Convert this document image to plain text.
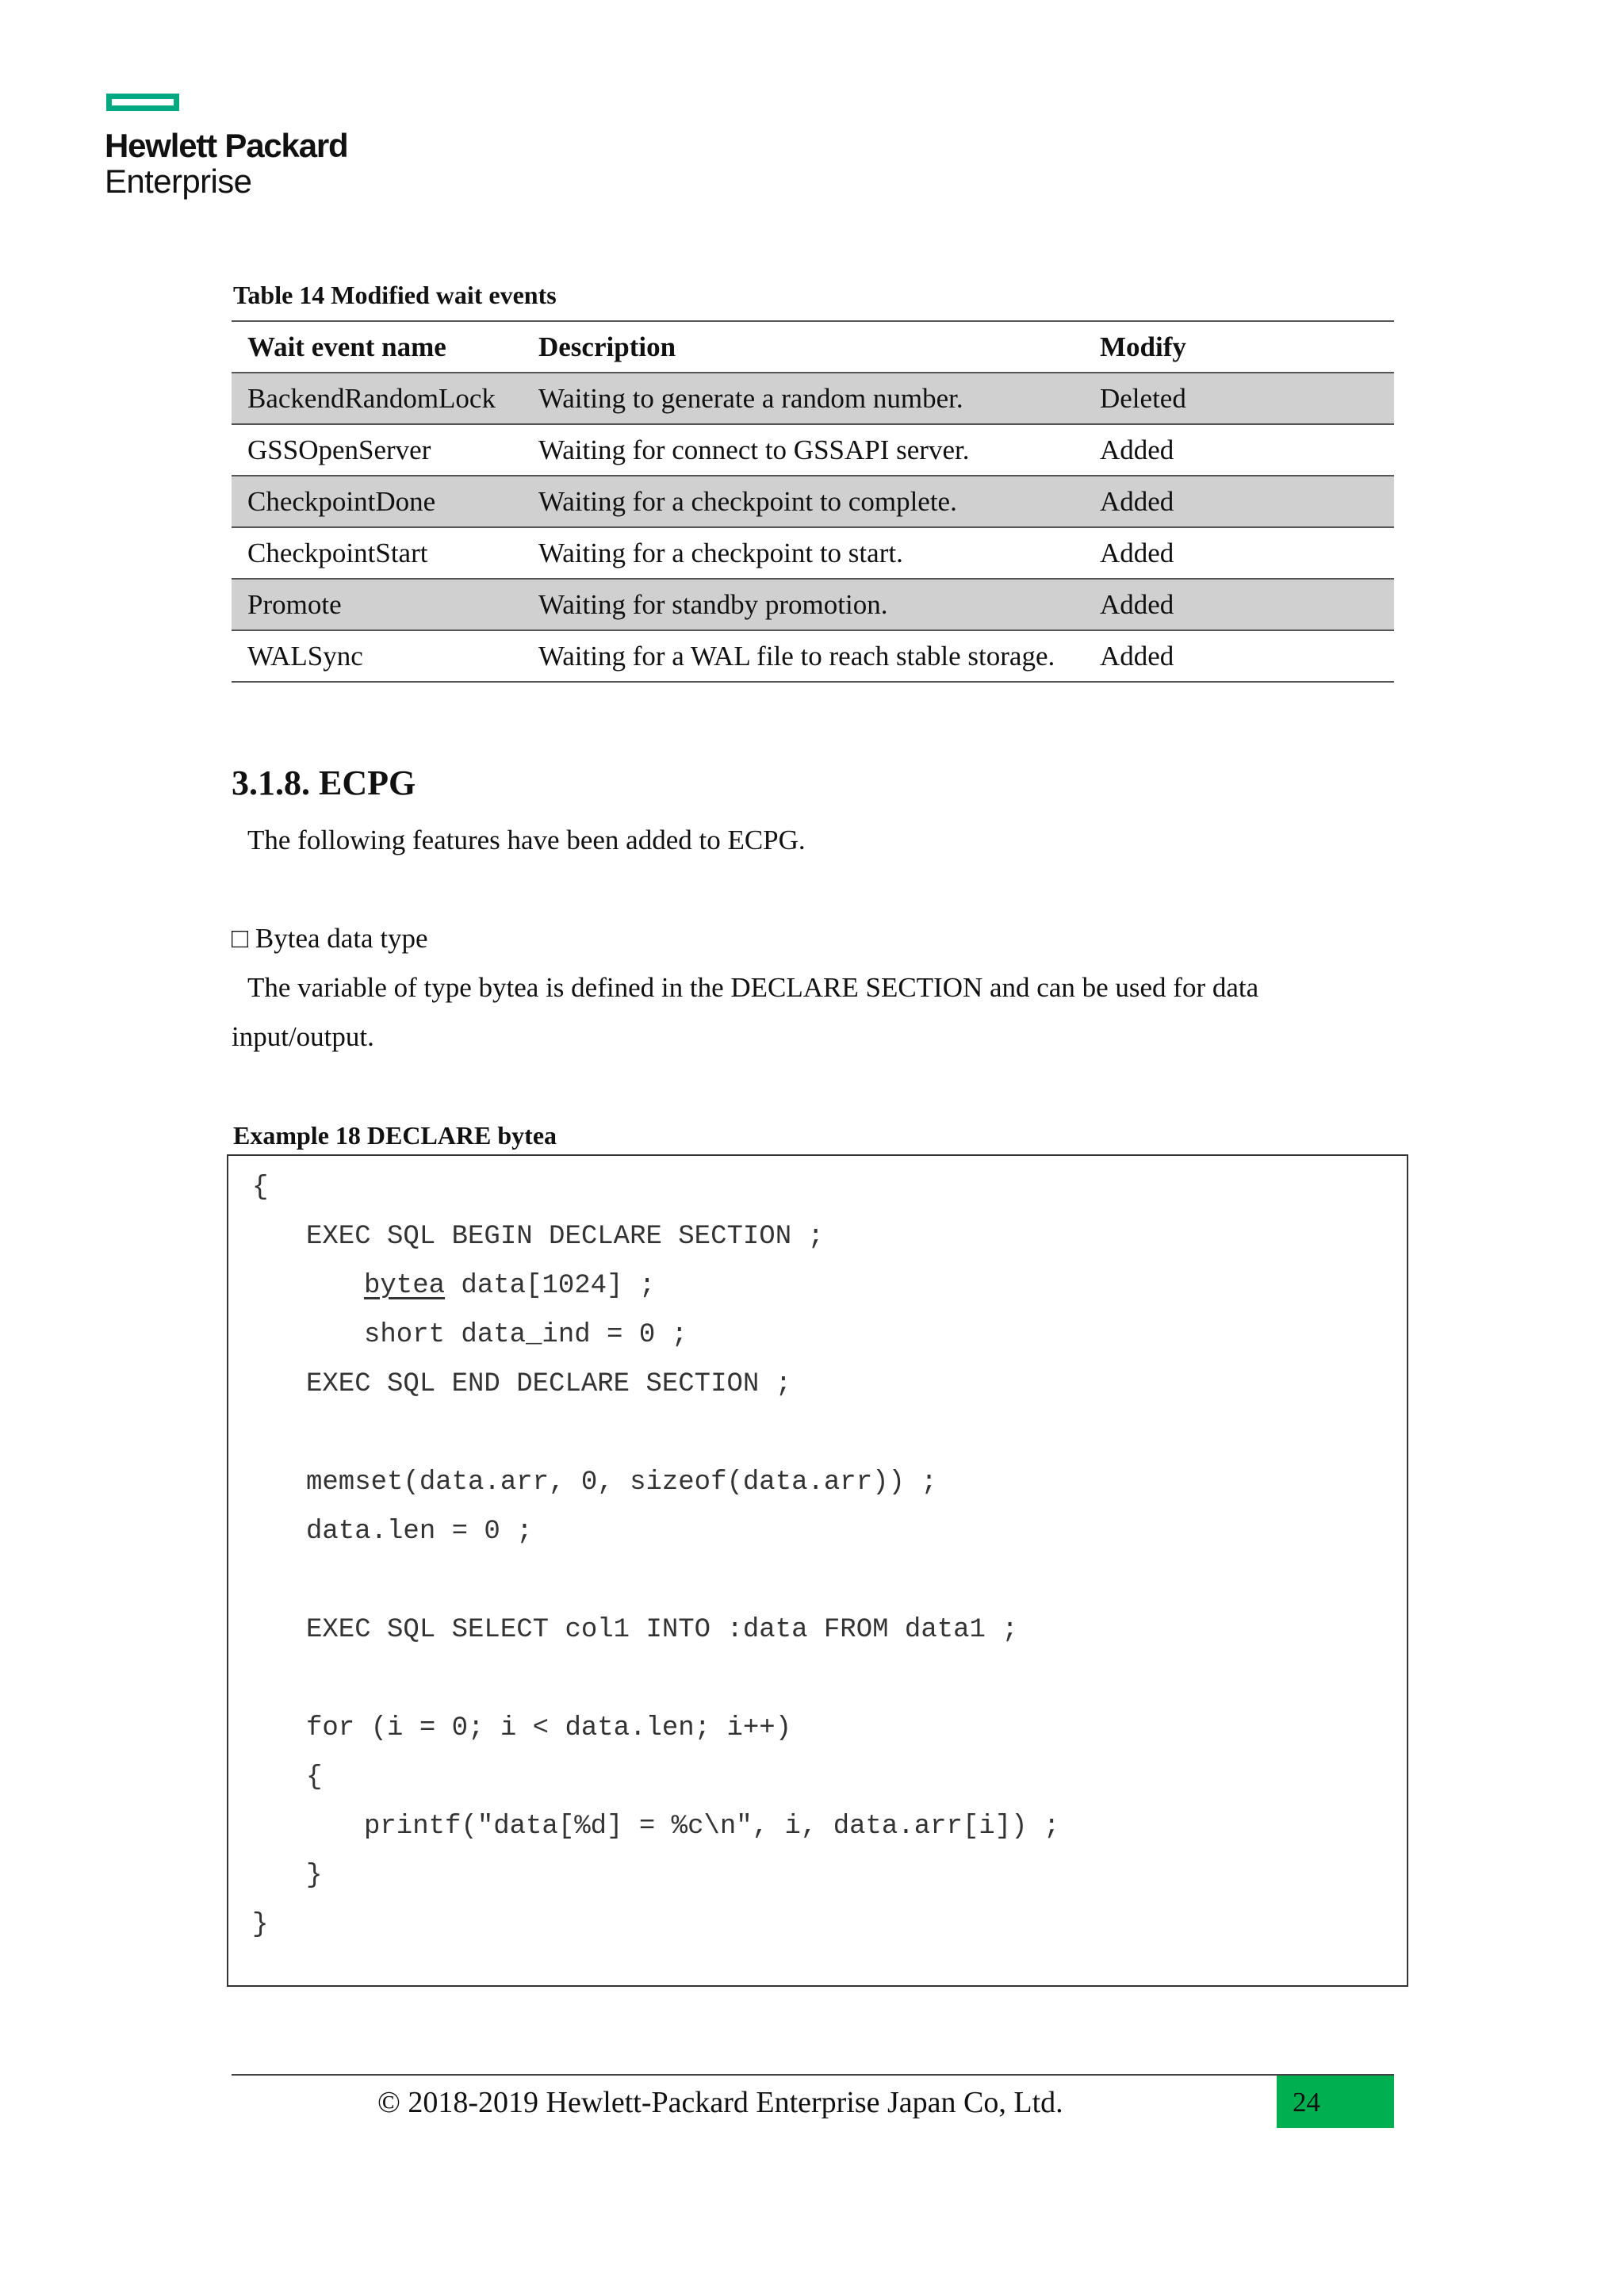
Hewlett Packard
Enterprise
Table 14 Modified wait events
Wait event name	Description	Modify
BackendRandomLock	Waiting to generate a random number.	Deleted
GSSOpenServer	Waiting for connect to GSSAPI server.	Added
CheckpointDone	Waiting for a checkpoint to complete.	Added
CheckpointStart	Waiting for a checkpoint to start.	Added
Promote	Waiting for standby promotion.	Added
WALSync	Waiting for a WAL file to reach stable storage.	Added
3.1.8. ECPG
The following features have been added to ECPG.
□ Bytea data type
The variable of type bytea is defined in the DECLARE SECTION and can be used for data
input/output.
Example 18 DECLARE bytea
{
EXEC SQL BEGIN DECLARE SECTION ;
bytea data[1024] ;
short data_ind = 0 ;
EXEC SQL END DECLARE SECTION ;
memset(data.arr, 0, sizeof(data.arr)) ;
data.len = 0 ;
EXEC SQL SELECT col1 INTO :data FROM data1 ;
for (i = 0; i < data.len; i++)
{
printf("data[%d] = %c\n", i, data.arr[i]) ;
}
}
© 2018-2019 Hewlett-Packard Enterprise Japan Co, Ltd.	24
